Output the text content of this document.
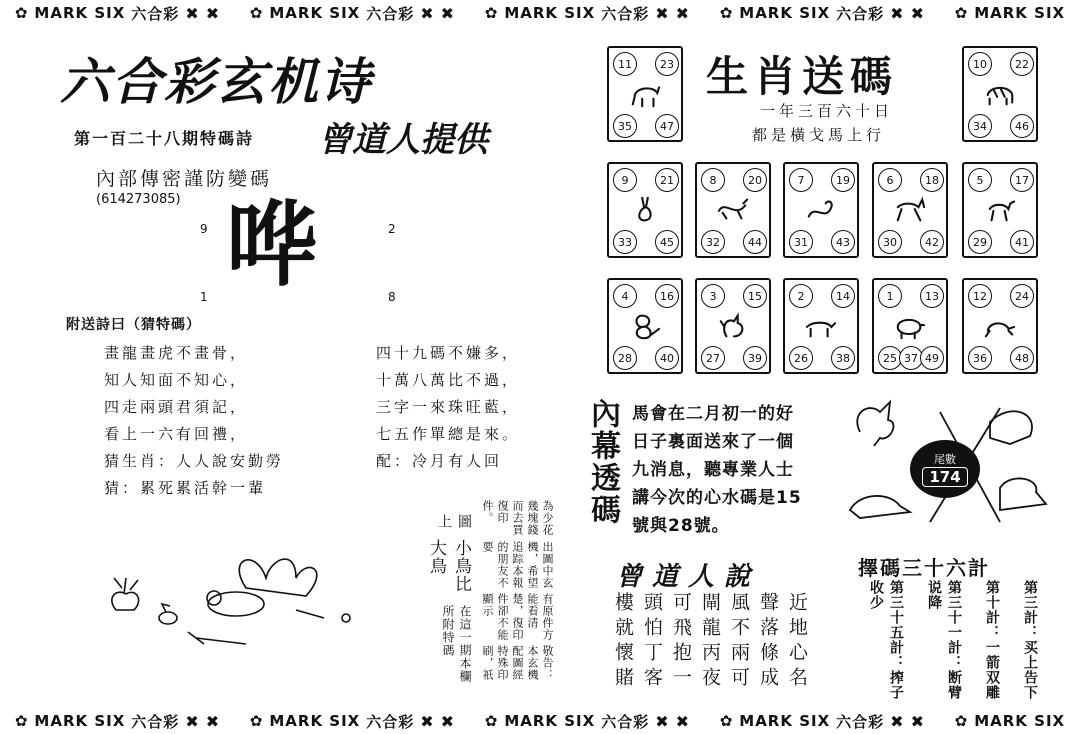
✿ MARK SIX 六合彩 ✖ ✖ ✿ MARK SIX 六合彩 ✖ ✖ ✿ MARK SIX 六合彩 ✖ ✖ ✿ MARK SIX 六合彩 ✖ ✖ ✿ MARK SIX
六合彩玄机诗
第一百二十八期特碼詩 曾道人提供
內部傳密謹防變碼
(614273085)
9	2
1	8
哗
附送詩曰（猜特碼）
畫龍畫虎不畫骨，
知人知面不知心，
四走兩頭君須記，
看上一六有回禮，
猜生肖：人人說安勤勞
猜：累死累活幹一輩
四十九碼不嫌多，
十萬八萬比不過，
三字一來珠旺藍，
七五作單總是來。
配：冷月有人回
圖上
小鳥比大鳥
在這一期本欄所附特碼
為少花幾塊錢而去買復印件。
出圖中玄機，希望追踪本報的朋友不要
有原件方能看清楚，復印件卻不能顯示
敬告：本玄機配圖經特殊印刷，祇
生肖送碼
一年三百六十日
都是橫戈馬上行
11	23
35	47
10	22
34	46
9	21
33	45
8	20
32	44
7	19
31	43
6	18
30	42
5	17
29	41
4	16
28	40
3	15
27	39
2	14
26	38
1	13
25 37 49
12	24
36	48
內幕透碼 馬會在二月初一的好
日子裏面送來了一個
九消息，聽專業人士
講今次的心水碼是15
號與28號。
尾數
174
曾道人說
近地心名
聲落條成
風不兩可
閘龍丙夜
可飛抱一
頭怕丁客
樓就懷賭
擇碼三十六計
第三計：买上告下
第十計：一箭双雕
第三十一計：断臂说降
第三十五計：搾子收少
✿ MARK SIX 六合彩 ✖ ✖ ✿ MARK SIX 六合彩 ✖ ✖ ✿ MARK SIX 六合彩 ✖ ✖ ✿ MARK SIX 六合彩 ✖ ✖ ✿ MARK SIX
